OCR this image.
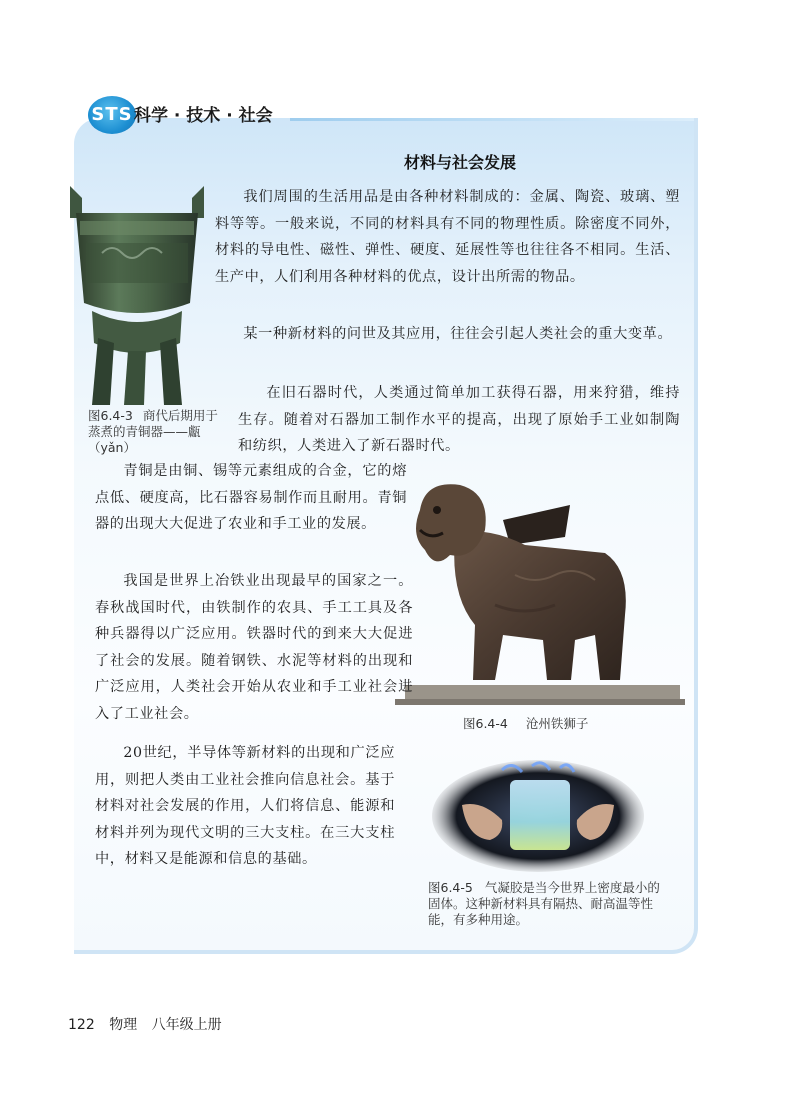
STS 科学 · 技术 · 社会
材料与社会发展
图6.4-3 商代后期用于蒸煮的青铜器——甗（yǎn）

我们周围的生活用品是由各种材料制成的：金属、陶瓷、玻璃、塑料等等。一般来说，不同的材料具有不同的物理性质。除密度不同外，材料的导电性、磁性、弹性、硬度、延展性等也往往各不相同。生活、生产中，人们利用各种材料的优点，设计出所需的物品。

某一种新材料的问世及其应用，往往会引起人类社会的重大变革。

在旧石器时代，人类通过简单加工获得石器，用来狩猎，维持生存。随着对石器加工制作水平的提高，出现了原始手工业如制陶和纺织，人类进入了新石器时代。

青铜是由铜、锡等元素组成的合金，它的熔点低、硬度高，比石器容易制作而且耐用。青铜器的出现大大促进了农业和手工业的发展。

我国是世界上冶铁业出现最早的国家之一。春秋战国时代，由铁制作的农具、手工工具及各种兵器得以广泛应用。铁器时代的到来大大促进了社会的发展。随着钢铁、水泥等材料的出现和广泛应用，人类社会开始从农业和手工业社会进入了工业社会。

20世纪，半导体等新材料的出现和广泛应用，则把人类由工业社会推向信息社会。基于材料对社会发展的作用，人们将信息、能源和材料并列为现代文明的三大支柱。在三大支柱中，材料又是能源和信息的基础。

图6.4-4 沧州铁狮子
图6.4-5 气凝胶是当今世界上密度最小的固体。这种新材料具有隔热、耐高温等性能，有多种用途。
122 物理 八年级上册
